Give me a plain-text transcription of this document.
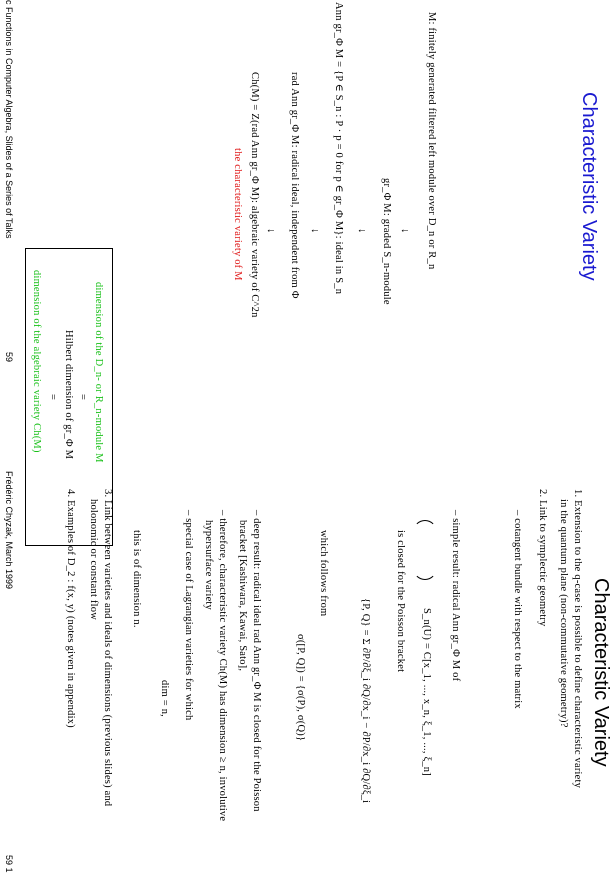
Characteristic Variety
M: finitely generated filtered left module over D_n or R_n
↓
gr_Φ M: graded S_n-module
↓
Ann gr_Φ M = {P ∈ S_n : P · p = 0 for p ∈ gr_Φ M}: ideal in S_n
↓
rad Ann gr_Φ M: radical ideal, independent from Φ
↓
Ch(M) = Z(rad Ann gr_Φ M): algebraic variety of C^2n
the characteristic variety of M
dimension of the D_n- or R_n-module M
=
Hilbert dimension of gr_Φ M
=
dimension of the algebraic variety Ch(M)
c Functions in Computer Algebra, Slides of a Series of Talks
59
Frédéric Chyzak, March 1999
59 1
Characteristic Variety
1. Extension to the q-case is possible to define characteristic variety
in the quantum plane (non-commutative geometry)?
2. Link to symplectic geometry
– cotangent bundle with respect to the matrix
– simple result: radical Ann gr_Φ M of
S_n(U) = C[x_1, ..., x_n, ξ_1, ..., ξ_n]
is closed for the Poisson bracket
{P, Q} = Σ ∂P/∂ξ_i ∂Q/∂x_i − ∂P/∂x_i ∂Q/∂ξ_i
which follows from
σ([P, Q]) = {σ(P), σ(Q)}
– deep result: radical ideal rad Ann gr_Φ M is closed for the Poisson
bracket [Kashiwara, Kawai, Sato],
– therefore, characteristic variety Ch(M) has dimension ≥ n, involutive
hypersurface variety
– special case of Lagrangian varieties for which
dim = n,
this is of dimension n.
3. Link between varieties and ideals of dimensions (previous slides) and
holonomic or constant flow
4. Examples of D_2 : f(x, y) (notes given in appendix)
